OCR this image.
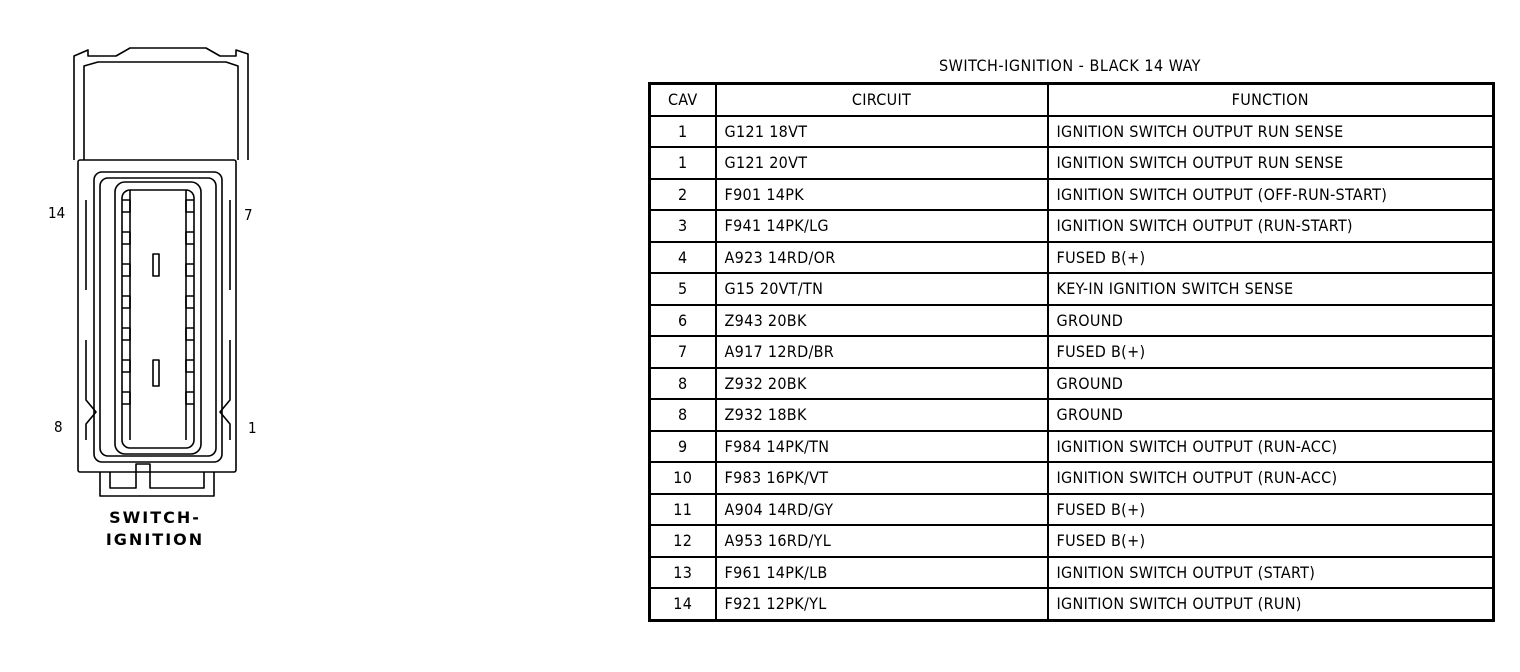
14	7
8	1
SWITCH-
IGNITION
SWITCH-IGNITION - BLACK 14 WAY
CAV	CIRCUIT	FUNCTION
1	G121 18VT	IGNITION SWITCH OUTPUT RUN SENSE
1	G121 20VT	IGNITION SWITCH OUTPUT RUN SENSE
2	F901 14PK	IGNITION SWITCH OUTPUT (OFF-RUN-START)
3	F941 14PK/LG	IGNITION SWITCH OUTPUT (RUN-START)
4	A923 14RD/OR	FUSED B(+)
5	G15 20VT/TN	KEY-IN IGNITION SWITCH SENSE
6	Z943 20BK	GROUND
7	A917 12RD/BR	FUSED B(+)
8	Z932 20BK	GROUND
8	Z932 18BK	GROUND
9	F984 14PK/TN	IGNITION SWITCH OUTPUT (RUN-ACC)
10	F983 16PK/VT	IGNITION SWITCH OUTPUT (RUN-ACC)
11	A904 14RD/GY	FUSED B(+)
12	A953 16RD/YL	FUSED B(+)
13	F961 14PK/LB	IGNITION SWITCH OUTPUT (START)
14	F921 12PK/YL	IGNITION SWITCH OUTPUT (RUN)
